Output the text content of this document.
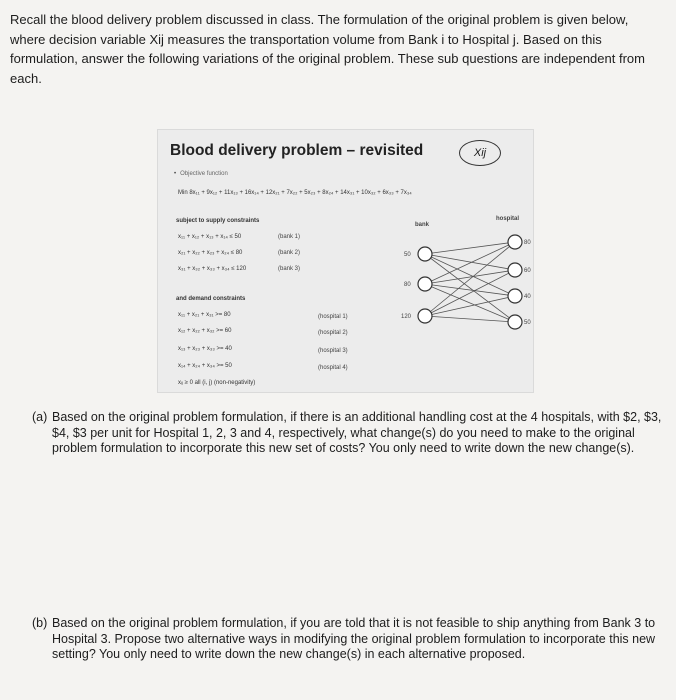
Recall the blood delivery problem discussed in class. The formulation of the original problem is given below, where decision variable Xij measures the transportation volume from Bank i to Hospital j. Based on this formulation, answer the following variations of the original problem. These sub questions are independent from each.

Blood delivery problem – revisited	Xij
• Objective function
Min 8x₁₁ + 9x₁₂ + 11x₁₃ + 16x₁₄ + 12x₂₁ + 7x₂₂ + 5x₂₃ + 8x₂₄ + 14x₃₁ + 10x₃₂ + 6x₃₃ + 7x₃₄
subject to supply constraints
x₁₁ + x₁₂ + x₁₃ + x₁₄ ≤ 50	(bank 1)
x₂₁ + x₂₂ + x₂₃ + x₂₄ ≤ 80	(bank 2)
x₃₁ + x₃₂ + x₃₃ + x₃₄ ≤ 120	(bank 3)
and demand constraints
x₁₁ + x₂₁ + x₃₁ >= 80	(hospital 1)
x₁₂ + x₂₂ + x₃₂ >= 60	(hospital 2)
x₁₃ + x₂₃ + x₃₃ >= 40	(hospital 3)
x₁₄ + x₂₄ + x₃₄ >= 50	(hospital 4)
xᵢⱼ ≥ 0 all (i, j) (non-negativity)
bank
hospital
50
80
120
80
60
40
50
(a) Based on the original problem formulation, if there is an additional handling cost at the 4 hospitals, with $2, $3, $4, $3 per unit for Hospital 1, 2, 3 and 4, respectively, what change(s) do you need to make to the original problem formulation to incorporate this new set of costs? You only need to write down the new change(s).
(b) Based on the original problem formulation, if you are told that it is not feasible to ship anything from Bank 3 to Hospital 3. Propose two alternative ways in modifying the original problem formulation to incorporate this new setting? You only need to write down the new change(s) in each alternative proposed.
